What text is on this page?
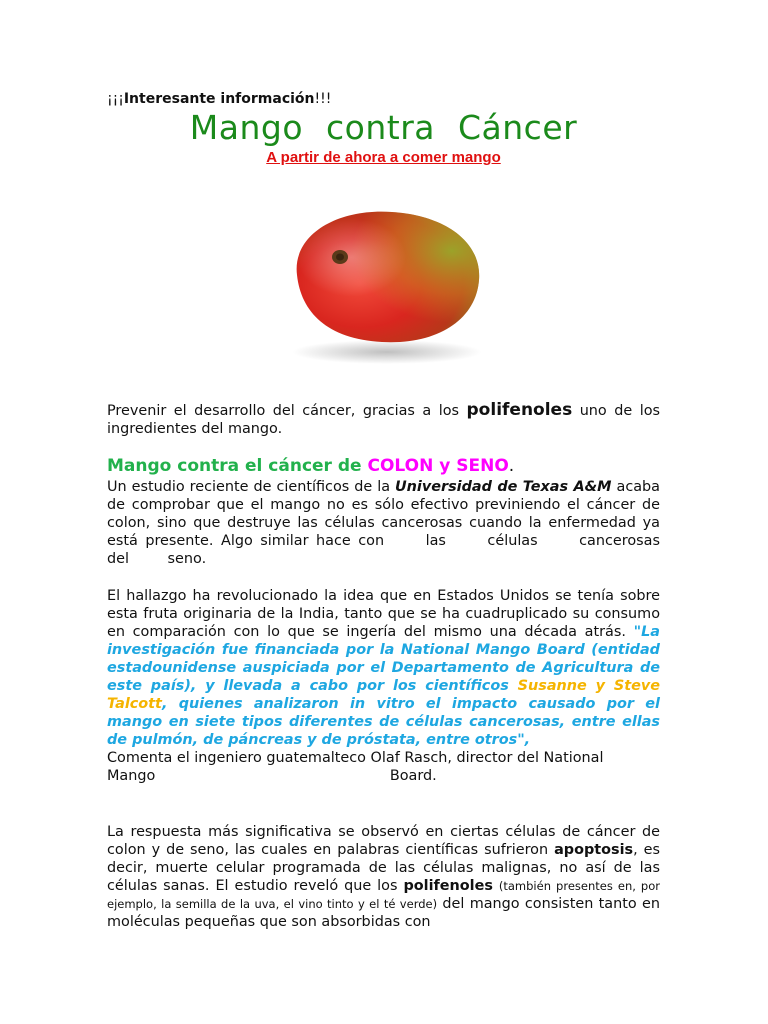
¡¡¡Interesante información!!!
Mango contra Cáncer
A partir de ahora a comer mango

Prevenir el desarrollo del cáncer, gracias a los polifenoles uno de los ingredientes del mango.

Mango contra el cáncer de COLON y SENO.

Un estudio reciente de científicos de la Universidad de Texas A&M acaba de comprobar que el mango no es sólo efectivo previniendo el cáncer de colon, sino que destruye las células cancerosas cuando la enfermedad ya está presente. Algo similar hace con las células cancerosas del seno.

El hallazgo ha revolucionado la idea que en Estados Unidos se tenía sobre esta fruta originaria de la India, tanto que se ha cuadruplicado su consumo en comparación con lo que se ingería del mismo una década atrás. "La investigación fue financiada por la National Mango Board (entidad estadounidense auspiciada por el Departamento de Agricultura de este país), y llevada a cabo por los científicos Susanne y Steve Talcott, quienes analizaron in vitro el impacto causado por el mango en siete tipos diferentes de células cancerosas, entre ellas de pulmón, de páncreas y de próstata, entre otros",
Comenta el ingeniero guatemalteco Olaf Rasch, director del National
Mango Board.

La respuesta más significativa se observó en ciertas células de cáncer de colon y de seno, las cuales en palabras científicas sufrieron apoptosis, es decir, muerte celular programada de las células malignas, no así de las células sanas. El estudio reveló que los polifenoles (también presentes en, por ejemplo, la semilla de la uva, el vino tinto y el té verde) del mango consisten tanto en moléculas pequeñas que son absorbidas con
